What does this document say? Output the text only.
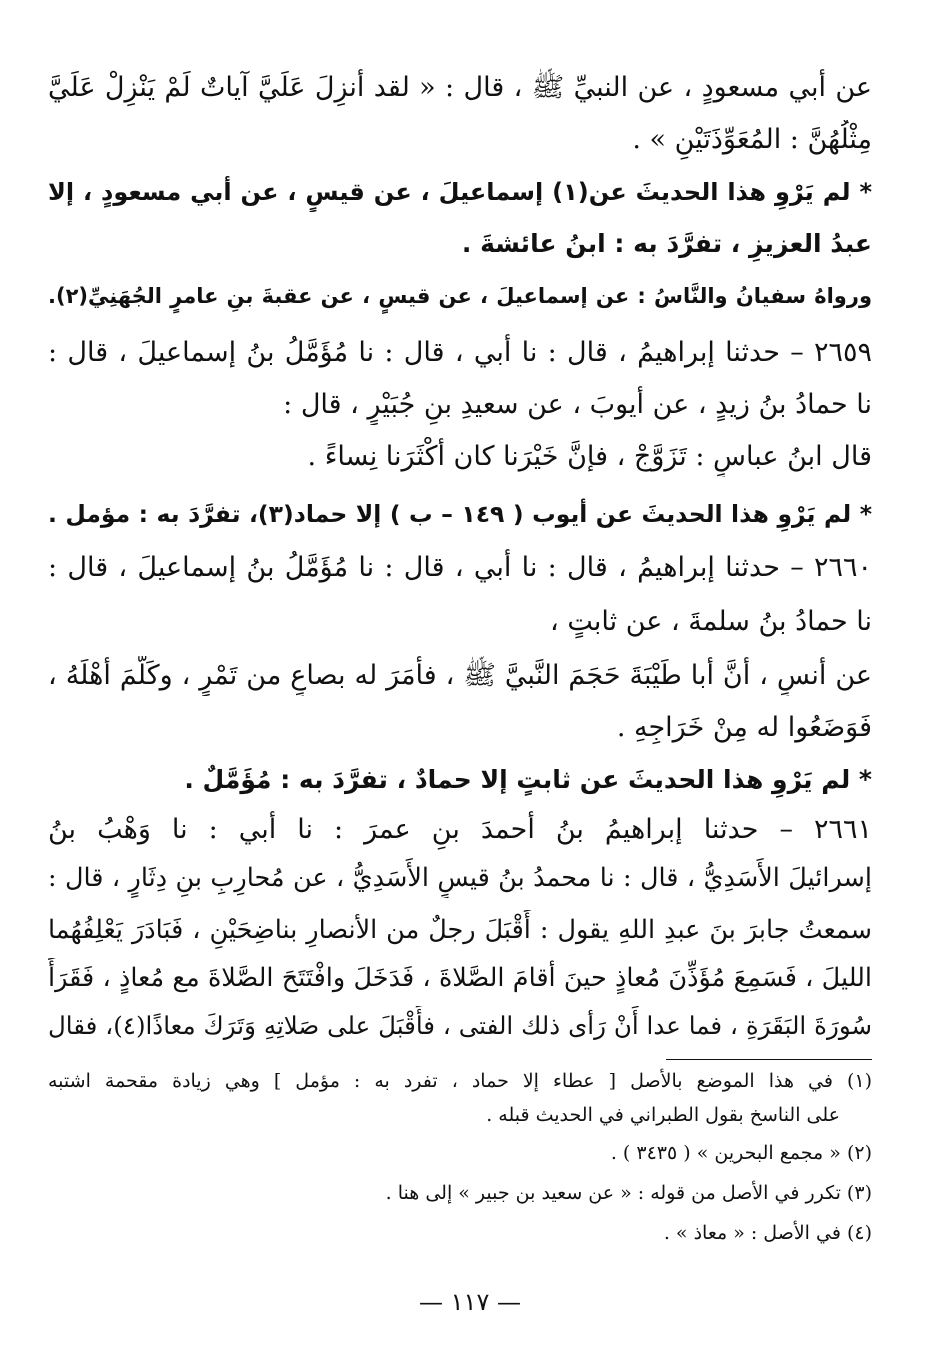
عن أبي مسعودٍ ، عن النبيِّ ﷺ ، قال : « لقد أُنزِلَ عَلَيَّ آياتٌ لَمْ يَنْزِلْ عَلَيَّ
مِثْلُهُنَّ : المُعَوِّذَتَيْنِ » .
* لم يَرْوِ هذا الحديثَ عن(١) إسماعيلَ ، عن قيسٍ ، عن أبي مسعودٍ ، إلا
عبدُ العزيزِ ، تفرَّدَ به : ابنُ عائشةَ .
ورواهُ سفيانُ والنَّاسُ : عن إسماعيلَ ، عن قيسٍ ، عن عقبةَ بنِ عامرٍ الجُهَنِيِّ(٢).
٢٦٥٩ – حدثنا إبراهيمُ ، قال : نا أَبي ، قال : نا مُؤَمَّلُ بنُ إسماعيلَ ، قال :
نا حمادُ بنُ زيدٍ ، عن أيوبَ ، عن سعيدِ بنِ جُبَيْرٍ ، قال :
قال ابنُ عباسٍ : تَزَوَّجْ ، فإنَّ خَيْرَنا كان أَكْثَرَنا نِساءً .
* لم يَرْوِ هذا الحديثَ عن أيوب ( ١٤٩ – ب ) إلا حماد(٣)، تفرَّدَ به : مؤمل .
٢٦٦٠ – حدثنا إبراهيمُ ، قال : نا أَبي ، قال : نا مُؤَمَّلُ بنُ إسماعيلَ ، قال :
نا حمادُ بنُ سلمةَ ، عن ثابتٍ ،
عن أنسٍ ، أنَّ أبا طَيْبَةَ حَجَمَ النَّبيَّ ﷺ ، فأَمَرَ له بصاعٍ من تَمْرٍ ، وكَلَّمَ أَهْلَهُ ،
فَوَضَعُوا له مِنْ خَرَاجِهِ .
* لم يَرْوِ هذا الحديثَ عن ثابتٍ إلا حمادٌ ، تفرَّدَ به : مُؤَمَّلٌ .
٢٦٦١ – حدثنا إبراهيمُ بنُ أحمدَ بنِ عمرَ : نا أَبي : نا وَهْبُ بنُ
إسرائيلَ الأَسَدِيُّ ، قال : نا محمدُ بنُ قيسٍ الأَسَدِيُّ ، عن مُحارِبِ بنِ دِثَارٍ ، قال :
سمعتُ جابرَ بنَ عبدِ اللهِ يقول : أَقْبَلَ رجلٌ من الأنصارِ بناضِحَيْنِ ، فَبَادَرَ يَعْلِفُهُما
الليلَ ، فَسَمِعَ مُؤَذِّنَ مُعاذٍ حينَ أقامَ الصَّلاةَ ، فَدَخَلَ وافْتَتَحَ الصَّلاةَ مع مُعاذٍ ، فَقَرَأَ
سُورَةَ البَقَرَةِ ، فما عدا أَنْ رَأى ذلك الفتى ، فأَقْبَلَ على صَلاتِهِ وَتَرَكَ معاذًا(٤)، فقال
(١) في هذا الموضع بالأصل [ عطاء إلا حماد ، تفرد به : مؤمل ] وهي زيادة مقحمة اشتبه
على الناسخ بقول الطبراني في الحديث قبله .
(٢) « مجمع البحرين » ( ٣٤٣٥ ) .
(٣) تكرر في الأصل من قوله : « عن سعيد بن جبير » إلى هنا .
(٤) في الأصل : « معاذ » .
— ١١٧ —
